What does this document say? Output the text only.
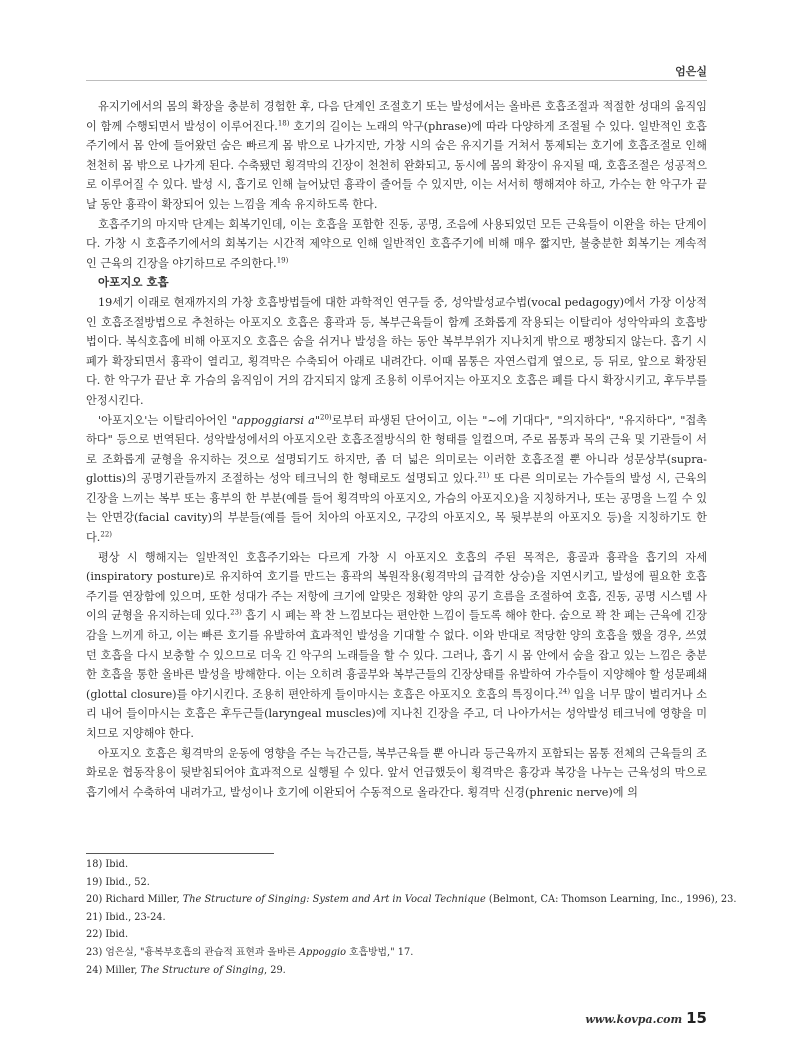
엄은실

유지기에서의 몸의 확장을 충분히 경험한 후, 다음 단계인 조절호기 또는 발성에서는 올바른 호흡조절과 적절한 성대의 움직임이 함께 수행되면서 발성이 이루어진다.$^{18)}$ 호기의 길이는 노래의 악구(phrase)에 따라 다양하게 조절될 수 있다. 일반적인 호흡주기에서 몸 안에 들어왔던 숨은 빠르게 몸 밖으로 나가지만, 가창 시의 숨은 유지기를 거쳐서 통제되는 호기에 호흡조절로 인해 천천히 몸 밖으로 나가게 된다. 수축됐던 횡격막의 긴장이 천천히 완화되고, 동시에 몸의 확장이 유지될 때, 호흡조절은 성공적으로 이루어질 수 있다. 발성 시, 흡기로 인해 늘어났던 흉곽이 줄어들 수 있지만, 이는 서서히 행해져야 하고, 가수는 한 악구가 끝날 동안 흉곽이 확장되어 있는 느낌을 계속 유지하도록 한다.

호흡주기의 마지막 단계는 회복기인데, 이는 호흡을 포함한 진동, 공명, 조음에 사용되었던 모든 근육들이 이완을 하는 단계이다. 가창 시 호흡주기에서의 회복기는 시간적 제약으로 인해 일반적인 호흡주기에 비해 매우 짧지만, 불충분한 회복기는 계속적인 근육의 긴장을 야기하므로 주의한다.$^{19)}$

아포지오 호흡

19세기 이래로 현재까지의 가창 호흡방법들에 대한 과학적인 연구들 중, 성악발성교수법(vocal pedagogy)에서 가장 이상적인 호흡조절방법으로 추천하는 아포지오 호흡은 흉곽과 등, 복부근육들이 함께 조화롭게 작용되는 이탈리아 성악악파의 호흡방법이다. 복식호흡에 비해 아포지오 호흡은 숨을 쉬거나 발성을 하는 동안 복부부위가 지나치게 밖으로 팽창되지 않는다. 흡기 시 폐가 확장되면서 흉곽이 열리고, 횡격막은 수축되어 아래로 내려간다. 이때 몸통은 자연스럽게 옆으로, 등 뒤로, 앞으로 확장된다. 한 악구가 끝난 후 가슴의 움직임이 거의 감지되지 않게 조용히 이루어지는 아포지오 호흡은 폐를 다시 확장시키고, 후두부를 안정시킨다.

'아포지오'는 이탈리아어인 "appoggiarsi a"$^{20)}$로부터 파생된 단어이고, 이는 "~에 기대다", "의지하다", "유지하다", "접촉하다" 등으로 번역된다. 성악발성에서의 아포지오란 호흡조절방식의 한 형태를 일컬으며, 주로 몸통과 목의 근육 및 기관들이 서로 조화롭게 균형을 유지하는 것으로 설명되기도 하지만, 좀 더 넓은 의미로는 이러한 호흡조절 뿐 아니라 성문상부(supra-glottis)의 공명기관들까지 조절하는 성악 테크닉의 한 형태로도 설명되고 있다.$^{21)}$ 또 다른 의미로는 가수들의 발성 시, 근육의 긴장을 느끼는 복부 또는 흉부의 한 부분(예를 들어 횡격막의 아포지오, 가슴의 아포지오)을 지칭하거나, 또는 공명을 느낄 수 있는 안면강(facial cavity)의 부분들(예를 들어 치아의 아포지오, 구강의 아포지오, 목 뒷부분의 아포지오 등)을 지칭하기도 한다.$^{22)}$

평상 시 행해지는 일반적인 호흡주기와는 다르게 가창 시 아포지오 호흡의 주된 목적은, 흉골과 흉곽을 흡기의 자세(inspiratory posture)로 유지하여 호기를 만드는 흉곽의 복원작용(횡격막의 급격한 상승)을 지연시키고, 발성에 필요한 호흡주기를 연장함에 있으며, 또한 성대가 주는 저항에 크기에 알맞은 정확한 양의 공기 흐름을 조절하여 호흡, 진동, 공명 시스템 사이의 균형을 유지하는데 있다.$^{23)}$ 흡기 시 폐는 꽉 찬 느낌보다는 편안한 느낌이 들도록 해야 한다. 숨으로 꽉 찬 폐는 근육에 긴장감을 느끼게 하고, 이는 빠른 호기를 유발하여 효과적인 발성을 기대할 수 없다. 이와 반대로 적당한 양의 호흡을 했을 경우, 쓰였던 호흡을 다시 보충할 수 있으므로 더욱 긴 악구의 노래들을 할 수 있다. 그러나, 흡기 시 몸 안에서 숨을 잡고 있는 느낌은 충분한 호흡을 통한 올바른 발성을 방해한다. 이는 오히려 흉골부와 복부근들의 긴장상태를 유발하여 가수들이 지양해야 할 성문폐쇄(glottal closure)를 야기시킨다. 조용히 편안하게 들이마시는 호흡은 아포지오 호흡의 특징이다.$^{24)}$ 입을 너무 많이 벌리거나 소리 내어 들이마시는 호흡은 후두근들(laryngeal muscles)에 지나친 긴장을 주고, 더 나아가서는 성악발성 테크닉에 영향을 미치므로 지양해야 한다.

아포지오 호흡은 횡격막의 운동에 영향을 주는 늑간근들, 복부근육들 뿐 아니라 등근육까지 포함되는 몸통 전체의 근육들의 조화로운 협동작용이 뒷받침되어야 효과적으로 실행될 수 있다. 앞서 언급했듯이 횡격막은 흉강과 복강을 나누는 근육성의 막으로 흡기에서 수축하여 내려가고, 발성이나 호기에 이완되어 수동적으로 올라간다. 횡격막 신경(phrenic nerve)에 의

18) Ibid.
19) Ibid., 52.
20) Richard Miller, The Structure of Singing: System and Art in Vocal Technique (Belmont, CA: Thomson Learning, Inc., 1996), 23.
21) Ibid., 23-24.
22) Ibid.
23) 엄은실, "흉복부호흡의 관습적 표현과 올바른 Appoggio 호흡방법," 17.
24) Miller, The Structure of Singing, 29.
www.kovpa.com 15
